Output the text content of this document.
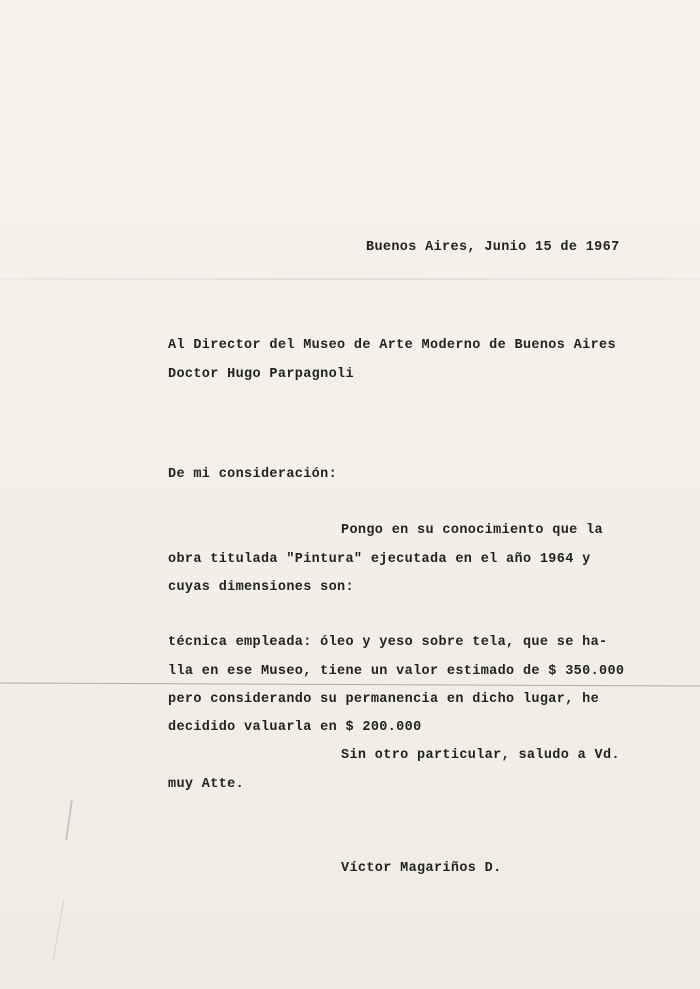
Buenos Aires, Junio 15 de 1967
Al Director del Museo de Arte Moderno de Buenos Aires
Doctor Hugo Parpagnoli
De mi consideración:
Pongo en su conocimiento que la
obra titulada "Pintura" ejecutada en el año 1964 y
cuyas dimensiones son:
técnica empleada: óleo y yeso sobre tela, que se ha-
lla en ese Museo, tiene un valor estimado de $ 350.000
pero considerando su permanencia en dicho lugar, he
decidido valuarla en $ 200.000
Sin otro particular, saludo a Vd.
muy Atte.
Víctor Magariños D.
